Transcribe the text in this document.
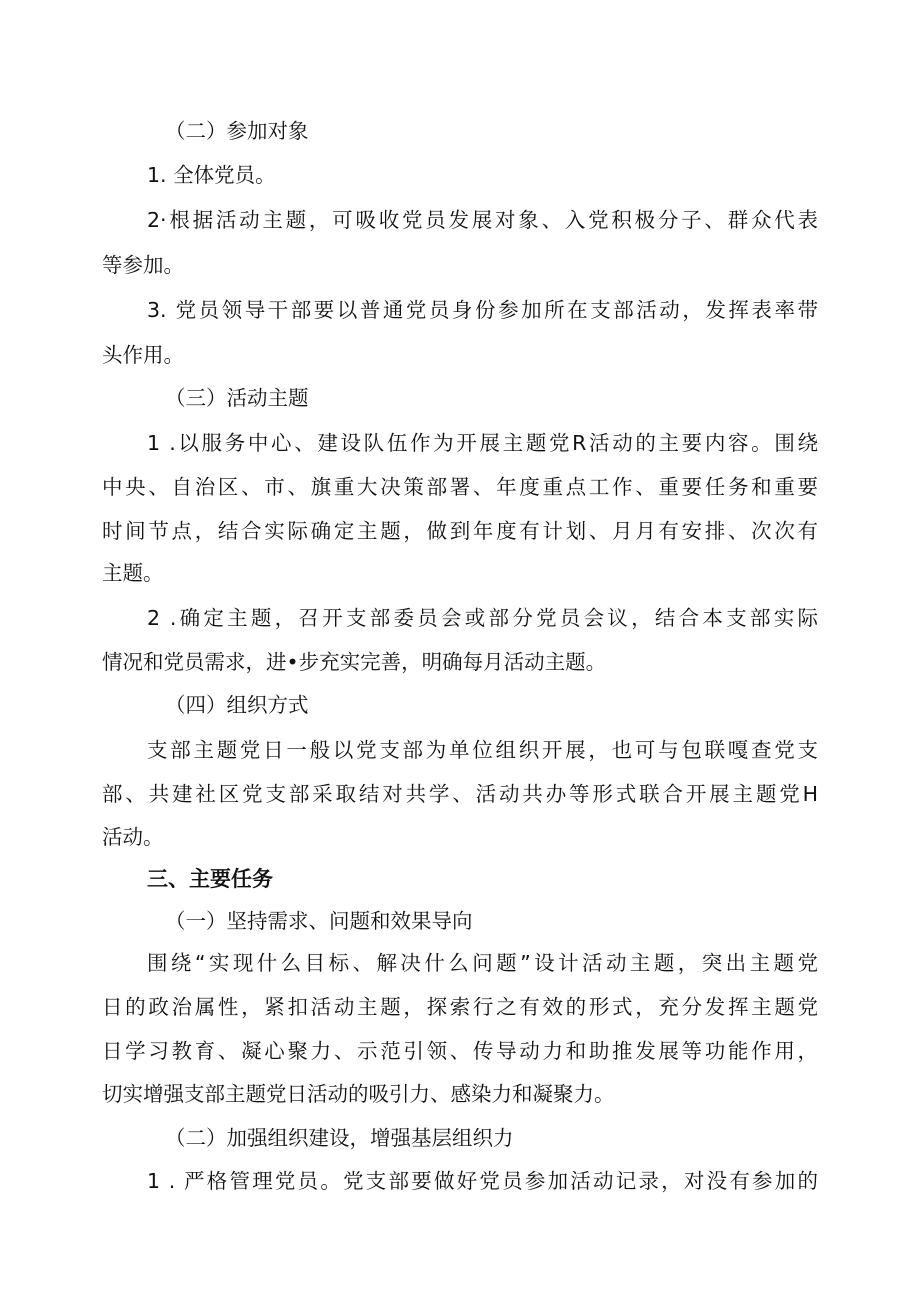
（二）参加对象
1. 全体党员。
2·根据活动主题，可吸收党员发展对象、入党积极分子、群众代表
等参加。
3. 党员领导干部要以普通党员身份参加所在支部活动，发挥表率带
头作用。
（三）活动主题
1 .以服务中心、建设队伍作为开展主题党R活动的主要内容。围绕
中央、自治区、市、旗重大决策部署、年度重点工作、重要任务和重要
时间节点，结合实际确定主题，做到年度有计划、月月有安排、次次有
主题。
2 .确定主题，召开支部委员会或部分党员会议，结合本支部实际
情况和党员需求，进•步充实完善，明确每月活动主题。
（四）组织方式
支部主题党日一般以党支部为单位组织开展，也可与包联嘎查党支
部、共建社区党支部采取结对共学、活动共办等形式联合开展主题党H
活动。
三、主要任务
（一）坚持需求、问题和效果导向
围绕“实现什么目标、解决什么问题”设计活动主题，突出主题党
日的政治属性，紧扣活动主题，探索行之有效的形式，充分发挥主题党
日学习教育、凝心聚力、示范引领、传导动力和助推发展等功能作用，
切实增强支部主题党日活动的吸引力、感染力和凝聚力。
（二）加强组织建设，增强基层组织力
1 . 严格管理党员。党支部要做好党员参加活动记录，对没有参加的
